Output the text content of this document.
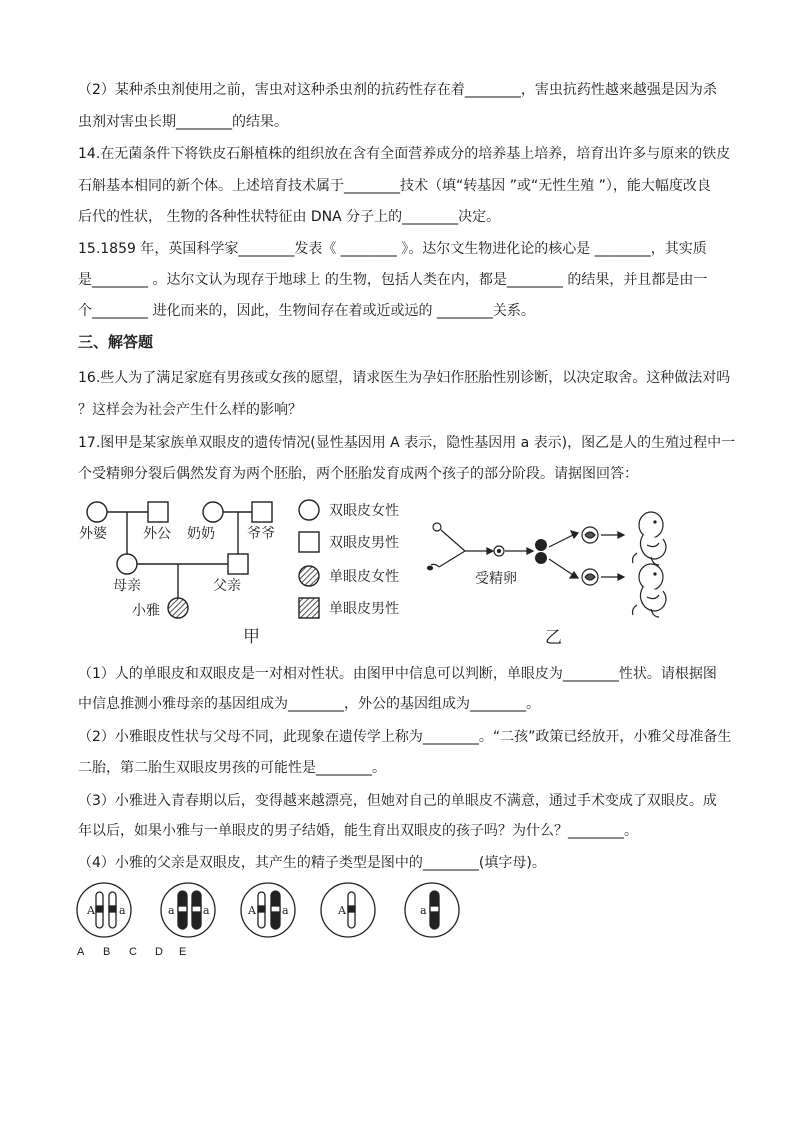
（2）某种杀虫剂使用之前，害虫对这种杀虫剂的抗药性存在着________，害虫抗药性越来越强是因为杀
虫剂对害虫长期________的结果。
14.在无菌条件下将铁皮石斛植株的组织放在含有全面营养成分的培养基上培养，培育出许多与原来的铁皮
石斛基本相同的新个体。上述培育技术属于________技术（填“转基因 ”或“无性生殖 ”），能大幅度改良
后代的性状， 生物的各种性状特征由 DNA 分子上的________决定。
15.1859 年，英国科学家________发表《 ________ 》。达尔文生物进化论的核心是 ________，其实质
是________ 。达尔文认为现存于地球上 的生物，包括人类在内，都是________ 的结果，并且都是由一
个________ 进化而来的，因此，生物间存在着或近或远的 ________关系。
三、解答题
16.些人为了满足家庭有男孩或女孩的愿望，请求医生为孕妇作胚胎性别诊断，以决定取舍。这种做法对吗
？这样会为社会产生什么样的影响？
17.图甲是某家族单双眼皮的遗传情况(显性基因用 A 表示，隐性基因用 a 表示)，图乙是人的生殖过程中一
个受精卵分裂后偶然发育为两个胚胎，两个胚胎发育成两个孩子的部分阶段。请据图回答：
外婆	外公 奶奶 爷爷
母亲	父亲
小雅
甲
双眼皮女性
双眼皮男性
单眼皮女性
单眼皮男性
受精卵
乙
（1）人的单眼皮和双眼皮是一对相对性状。由图甲中信息可以判断，单眼皮为________性状。请根据图
中信息推测小雅母亲的基因组成为________，外公的基因组成为________。
（2）小雅眼皮性状与父母不同，此现象在遗传学上称为________。“二孩”政策已经放开，小雅父母准备生
二胎，第二胎生双眼皮男孩的可能性是________。
（3）小雅进入青春期以后，变得越来越漂亮，但她对自己的单眼皮不满意，通过手术变成了双眼皮。成
年以后，如果小雅与一单眼皮的男子结婚，能生育出双眼皮的孩子吗？为什么？________。
（4）小雅的父亲是双眼皮，其产生的精子类型是图中的________(填字母)。
A a	a	a	A a	A	a
A B C D E
